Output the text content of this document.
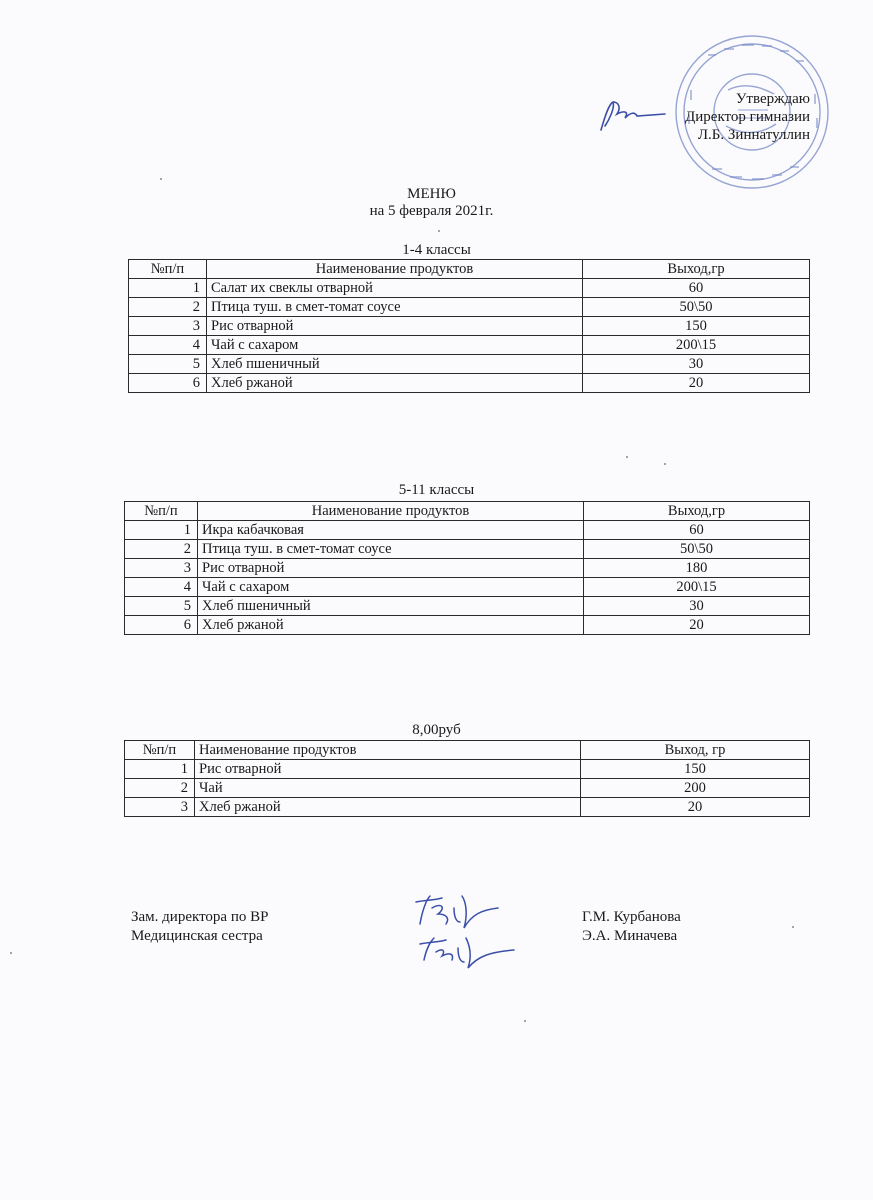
Утверждаю
Директор гимназии
Л.Б. Зиннатуллин
МЕНЮ
на 5 февраля 2021г.
1-4 классы
№п/п	Наименование продуктов	Выход,гр
1	Салат их свеклы отварной	60
2	Птица туш. в смет-томат соусе	50\50
3	Рис отварной	150
4	Чай с сахаром	200\15
5	Хлеб пшеничный	30
6	Хлеб ржаной	20
5-11 классы
№п/п	Наименование продуктов	Выход,гр
1	Икра кабачковая	60
2	Птица туш. в смет-томат соусе	50\50
3	Рис отварной	180
4	Чай с сахаром	200\15
5	Хлеб пшеничный	30
6	Хлеб ржаной	20
8,00руб
№п/п	Наименование продуктов	Выход, гр
1	Рис отварной	150
2	Чай	200
3	Хлеб ржаной	20
Зам. директора по ВР
Медицинская сестра
Г.М. Курбанова
Э.А. Миначева
